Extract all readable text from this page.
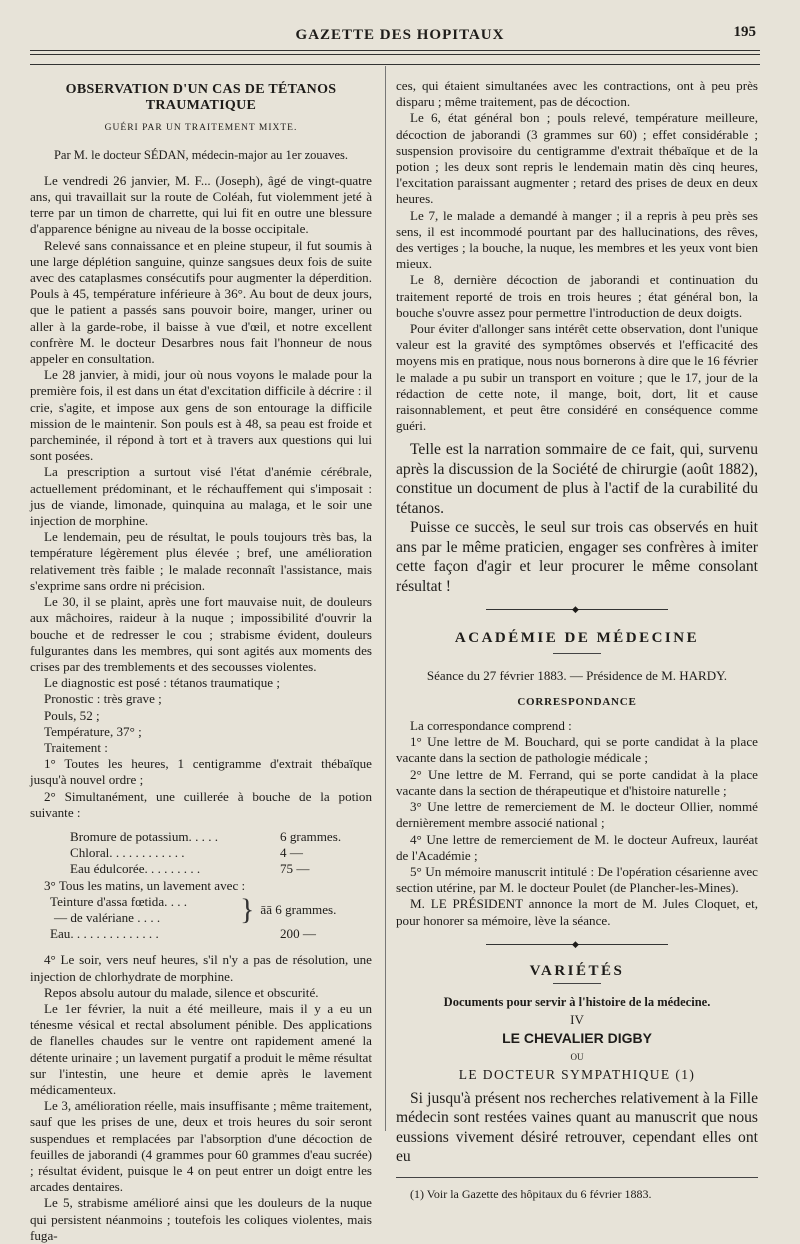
GAZETTE DES HOPITAUX	195
OBSERVATION D'UN CAS DE TÉTANOS TRAUMATIQUE
GUÉRI PAR UN TRAITEMENT MIXTE.
Par M. le docteur SÉDAN, médecin-major au 1er zouaves.

Le vendredi 26 janvier, M. F... (Joseph), âgé de vingt-quatre ans, qui travaillait sur la route de Coléah, fut violemment jeté à terre par un timon de charrette, qui lui fit en outre une blessure d'apparence bénigne au niveau de la bosse occipitale.

Relevé sans connaissance et en pleine stupeur, il fut soumis à une large déplétion sanguine, quinze sangsues deux fois de suite avec des cataplasmes consécutifs pour augmenter la déperdition. Pouls à 45, température inférieure à 36°. Au bout de deux jours, que le patient a passés sans pouvoir boire, manger, uriner ou aller à la garde-robe, il baisse à vue d'œil, et notre excellent confrère M. le docteur Desarbres nous fait l'honneur de nous appeler en consultation.

Le 28 janvier, à midi, jour où nous voyons le malade pour la première fois, il est dans un état d'excitation difficile à décrire : il crie, s'agite, et impose aux gens de son entourage la difficile mission de le maintenir. Son pouls est à 48, sa peau est froide et parcheminée, il répond à tort et à travers aux questions qui lui sont posées.

La prescription a surtout visé l'état d'anémie cérébrale, actuellement prédominant, et le réchauffement qui s'imposait : jus de viande, limonade, quinquina au malaga, et le soir une injection de morphine.

Le lendemain, peu de résultat, le pouls toujours très bas, la température légèrement plus élevée ; bref, une amélioration relativement très faible ; le malade reconnaît l'assistance, mais s'exprime sans ordre ni précision.

Le 30, il se plaint, après une fort mauvaise nuit, de douleurs aux mâchoires, raideur à la nuque ; impossibilité d'ouvrir la bouche et de redresser le cou ; strabisme évident, douleurs fulgurantes dans les membres, qui sont agités aux moments des crises par des tremblements et des secousses violentes.

Le diagnostic est posé : tétanos traumatique ;

Pronostic : très grave ;

Pouls, 52 ;

Température, 37° ;

Traitement :

1° Toutes les heures, 1 centigramme d'extrait thébaïque jusqu'à nouvel ordre ;

2° Simultanément, une cuillerée à bouche de la potion suivante :

Bromure de potassium. . . . .	6 grammes.
Chloral. . . . . . . . . . . .	4 —
Eau édulcorée. . . . . . . . .	75 —

3° Tous les matins, un lavement avec :

Teinture d'assa fœtida. . . .
— de valériane . . . .	} āā 6 grammes.
Eau. . . . . . . . . . . . . .	200 —

4° Le soir, vers neuf heures, s'il n'y a pas de résolution, une injection de chlorhydrate de morphine.

Repos absolu autour du malade, silence et obscurité.

Le 1er février, la nuit a été meilleure, mais il y a eu un ténesme vésical et rectal absolument pénible. Des applications de flanelles chaudes sur le ventre ont rapidement amené la détente urinaire ; un lavement purgatif a produit le même résultat sur l'intestin, une heure et demie après le lavement médicamenteux.

Le 3, amélioration réelle, mais insuffisante ; même traitement, sauf que les prises de une, deux et trois heures du soir seront suspendues et remplacées par l'absorption d'une décoction de feuilles de jaborandi (4 grammes pour 60 grammes d'eau sucrée) ; résultat évident, puisque le 4 on peut entrer un doigt entre les arcades dentaires.

Le 5, strabisme amélioré ainsi que les douleurs de la nuque qui persistent néanmoins ; toutefois les coliques violentes, mais fuga-

ces, qui étaient simultanées avec les contractions, ont à peu près disparu ; même traitement, pas de décoction.

Le 6, état général bon ; pouls relevé, température meilleure, décoction de jaborandi (3 grammes sur 60) ; effet considérable ; suspension provisoire du centigramme d'extrait thébaïque et de la potion ; les deux sont repris le lendemain matin dès cinq heures, l'excitation paraissant augmenter ; retard des prises de deux en deux heures.

Le 7, le malade a demandé à manger ; il a repris à peu près ses sens, il est incommodé pourtant par des hallucinations, des rêves, des vertiges ; la bouche, la nuque, les membres et les yeux vont bien mieux.

Le 8, dernière décoction de jaborandi et continuation du traitement reporté de trois en trois heures ; état général bon, la bouche s'ouvre assez pour permettre l'introduction de deux doigts.

Pour éviter d'allonger sans intérêt cette observation, dont l'unique valeur est la gravité des symptômes observés et l'efficacité des moyens mis en pratique, nous nous bornerons à dire que le 16 février le malade a pu subir un transport en voiture ; que le 17, jour de la rédaction de cette note, il mange, boit, dort, lit et cause raisonnablement, et peut être considéré en conséquence comme guéri.

Telle est la narration sommaire de ce fait, qui, survenu après la discussion de la Société de chirurgie (août 1882), constitue un document de plus à l'actif de la curabilité du tétanos.

Puisse ce succès, le seul sur trois cas observés en huit ans par le même praticien, engager ses confrères à imiter cette façon d'agir et leur procurer le même consolant résultat !

◆
ACADÉMIE DE MÉDECINE
Séance du 27 février 1883. — Présidence de M. HARDY.
CORRESPONDANCE

La correspondance comprend :

1° Une lettre de M. Bouchard, qui se porte candidat à la place vacante dans la section de pathologie médicale ;

2° Une lettre de M. Ferrand, qui se porte candidat à la place vacante dans la section de thérapeutique et d'histoire naturelle ;

3° Une lettre de remerciement de M. le docteur Ollier, nommé dernièrement membre associé national ;

4° Une lettre de remerciement de M. le docteur Aufreux, lauréat de l'Académie ;

5° Un mémoire manuscrit intitulé : De l'opération césarienne avec section utérine, par M. le docteur Poulet (de Plancher-les-Mines).

M. LE PRÉSIDENT annonce la mort de M. Jules Cloquet, et, pour honorer sa mémoire, lève la séance.

◆
VARIÉTÉS
Documents pour servir à l'histoire de la médecine.
IV
LE CHEVALIER DIGBY
OU
LE DOCTEUR SYMPATHIQUE (1)

Si jusqu'à présent nos recherches relativement à la Fille médecin sont restées vaines quant au manuscrit que nous eussions vivement désiré retrouver, cependant elles ont eu

(1) Voir la Gazette des hôpitaux du 6 février 1883.
